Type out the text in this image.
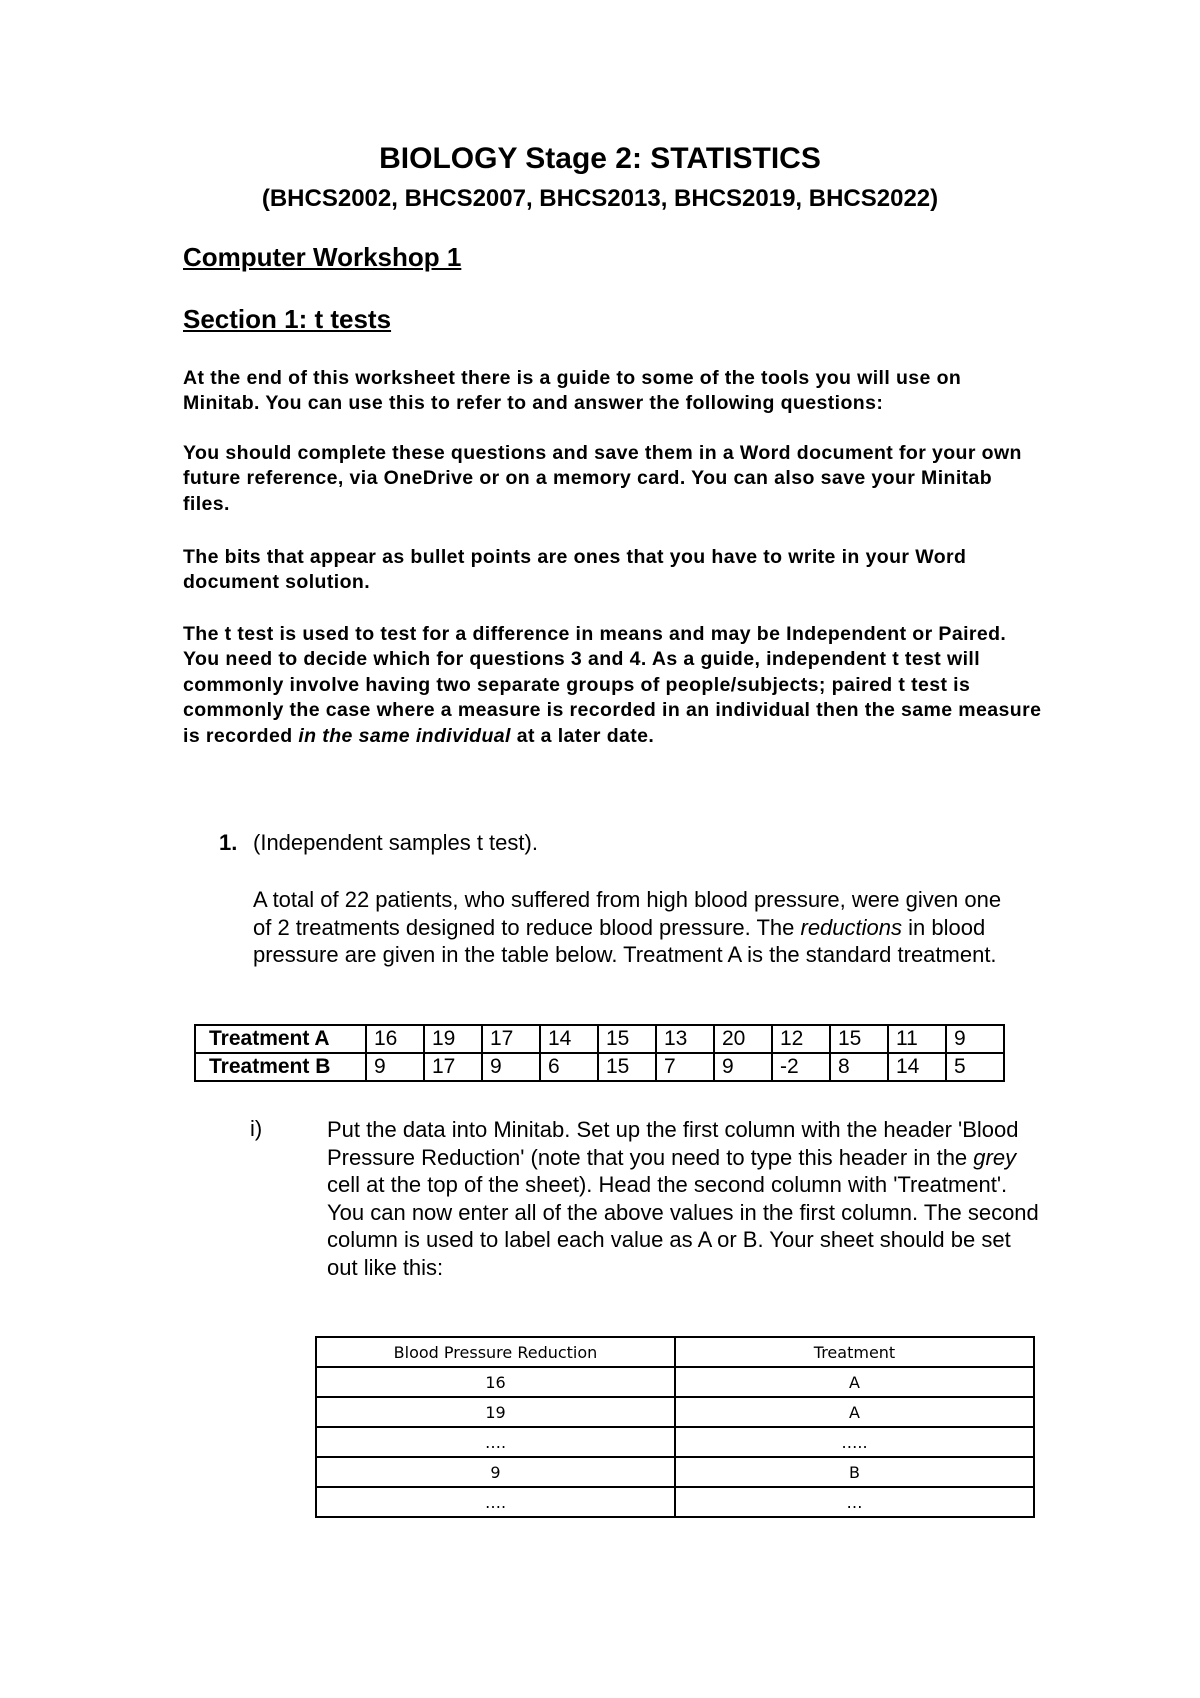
BIOLOGY Stage 2: STATISTICS
(BHCS2002, BHCS2007, BHCS2013, BHCS2019, BHCS2022)
Computer Workshop 1
Section 1: t tests
At the end of this worksheet there is a guide to some of the tools you will use on Minitab. You can use this to refer to and answer the following questions:
You should complete these questions and save them in a Word document for your own future reference, via OneDrive or on a memory card. You can also save your Minitab files.
The bits that appear as bullet points are ones that you have to write in your Word document solution.
The t test is used to test for a difference in means and may be Independent or Paired. You need to decide which for questions 3 and 4. As a guide, independent t test will commonly involve having two separate groups of people/subjects; paired t test is commonly the case where a measure is recorded in an individual then the same measure is recorded in the same individual at a later date.
1. (Independent samples t test).
A total of 22 patients, who suffered from high blood pressure, were given one of 2 treatments designed to reduce blood pressure. The reductions in blood pressure are given in the table below. Treatment A is the standard treatment.
Treatment A	16	19	17	14	15	13	20	12	15	11	9
Treatment B	9	17	9	6	15	7	9	-2	8	14	5
i)	Put the data into Minitab. Set up the first column with the header 'Blood Pressure Reduction' (note that you need to type this header in the grey cell at the top of the sheet). Head the second column with 'Treatment'. You can now enter all of the above values in the first column. The second column is used to label each value as A or B. Your sheet should be set out like this:
Blood Pressure Reduction	Treatment
16	A
19	A
….	…..
9	B
….	…
